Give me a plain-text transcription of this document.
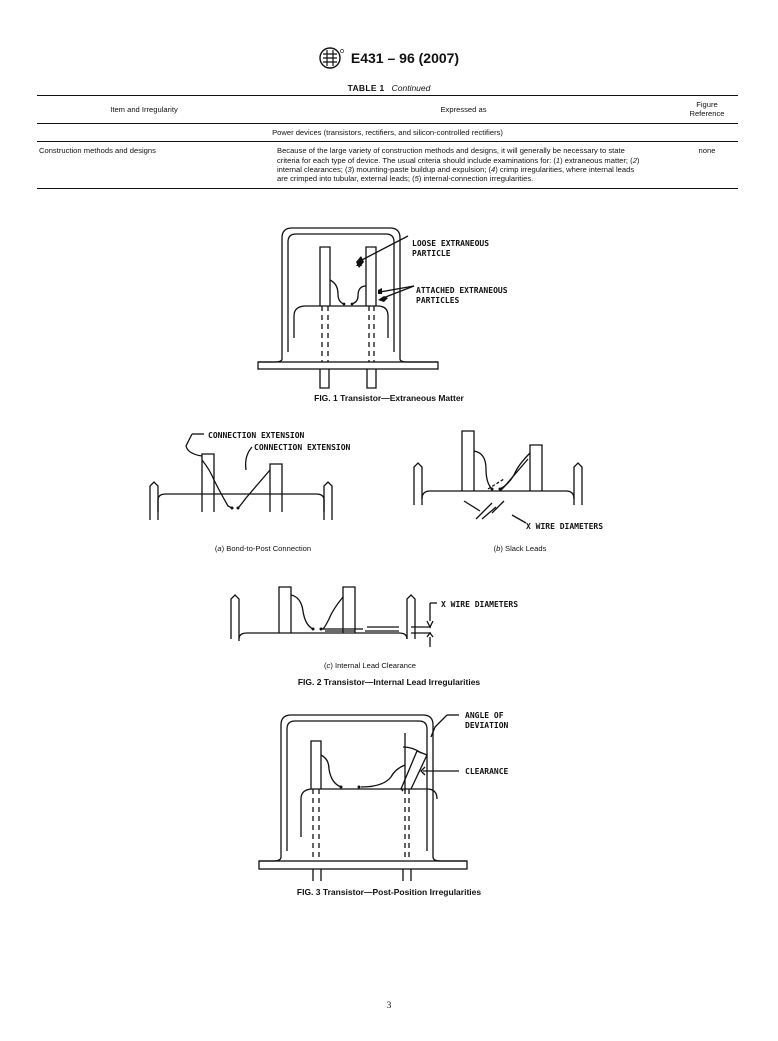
E431 – 96 (2007)
TABLE 1 Continued
Item and Irregularity	Expressed as	Figure Reference
Power devices (transistors, rectifiers, and silicon-controlled rectifiers)		
Construction methods and designs	Because of the large variety of construction methods and designs, it will generally be necessary to state criteria for each type of device. The usual criteria should include examinations for: (1) extraneous matter; (2) internal clearances; (3) mounting-paste buildup and expulsion; (4) crimp irregularities, where internal leads are crimped into tubular, external leads; (5) internal-connection irregularities.	none
LOOSE EXTRANEOUS
PARTICLE
ATTACHED EXTRANEOUS
PARTICLES
FIG. 1 Transistor—Extraneous Matter
CONNECTION EXTENSION
CONNECTION EXTENSION
(a) Bond-to-Post Connection
X WIRE DIAMETERS
(b) Slack Leads
X WIRE DIAMETERS
(c) Internal Lead Clearance
FIG. 2 Transistor—Internal Lead Irregularities
ANGLE OF
DEVIATION
CLEARANCE
FIG. 3 Transistor—Post-Position Irregularities
3
